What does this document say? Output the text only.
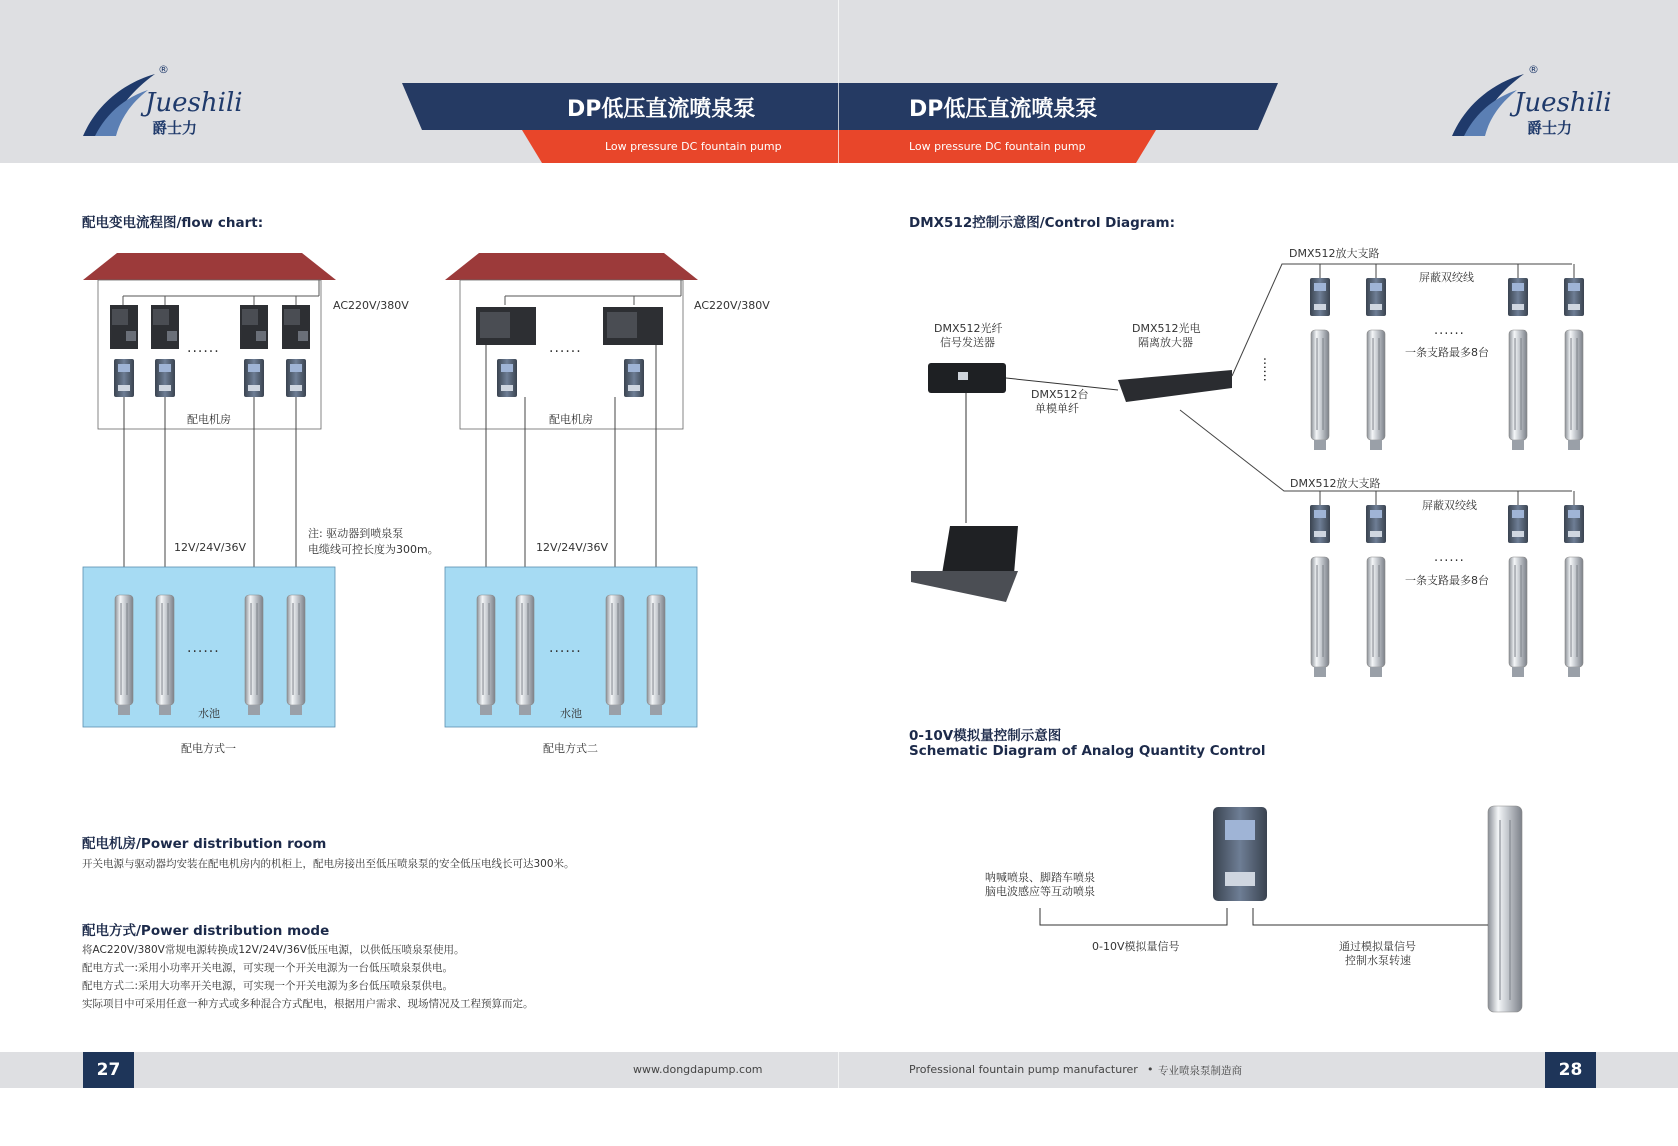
Jueshili
爵士力
®
Jueshili
爵士力
®
DP低压直流喷泉泵	DP低压直流喷泉泵
Low pressure DC fountain pump	Low pressure DC fountain pump
配电变电流程图/flow chart:
AC220V/380V	AC220V/380V
......	......
配电机房	配电机房
12V/24V/36V	12V/24V/36V
注: 驱动器到喷泉泵
电缆线可控长度为300m。
......	......
水池	水池
配电方式一	配电方式二
配电机房/Power distribution room
开关电源与驱动器均安装在配电机房内的机柜上，配电房接出至低压喷泉泵的安全低压电线长可达300米。
配电方式/Power distribution mode
将AC220V/380V常规电源转换成12V/24V/36V低压电源，以供低压喷泉泵使用。
配电方式一:采用小功率开关电源，可实现一个开关电源为一台低压喷泉泵供电。
配电方式二:采用大功率开关电源，可实现一个开关电源为多台低压喷泉泵供电。
实际项目中可采用任意一种方式或多种混合方式配电，根据用户需求、现场情况及工程预算而定。
DMX512控制示意图/Control Diagram:
DMX512光纤
信号发送器
DMX512光电
隔离放大器
DMX512台
单模单纤
......
DMX512放大支路
屏蔽双绞线
......
一条支路最多8台
DMX512放大支路
屏蔽双绞线
......
一条支路最多8台
0-10V模拟量控制示意图
Schematic Diagram of Analog Quantity Control
呐喊喷泉、脚踏车喷泉
脑电波感应等互动喷泉
0-10V模拟量信号	通过模拟量信号
控制水泵转速
27	28
www.dongdapump.com	Professional fountain pump manufacturer • 专业喷泉泵制造商
